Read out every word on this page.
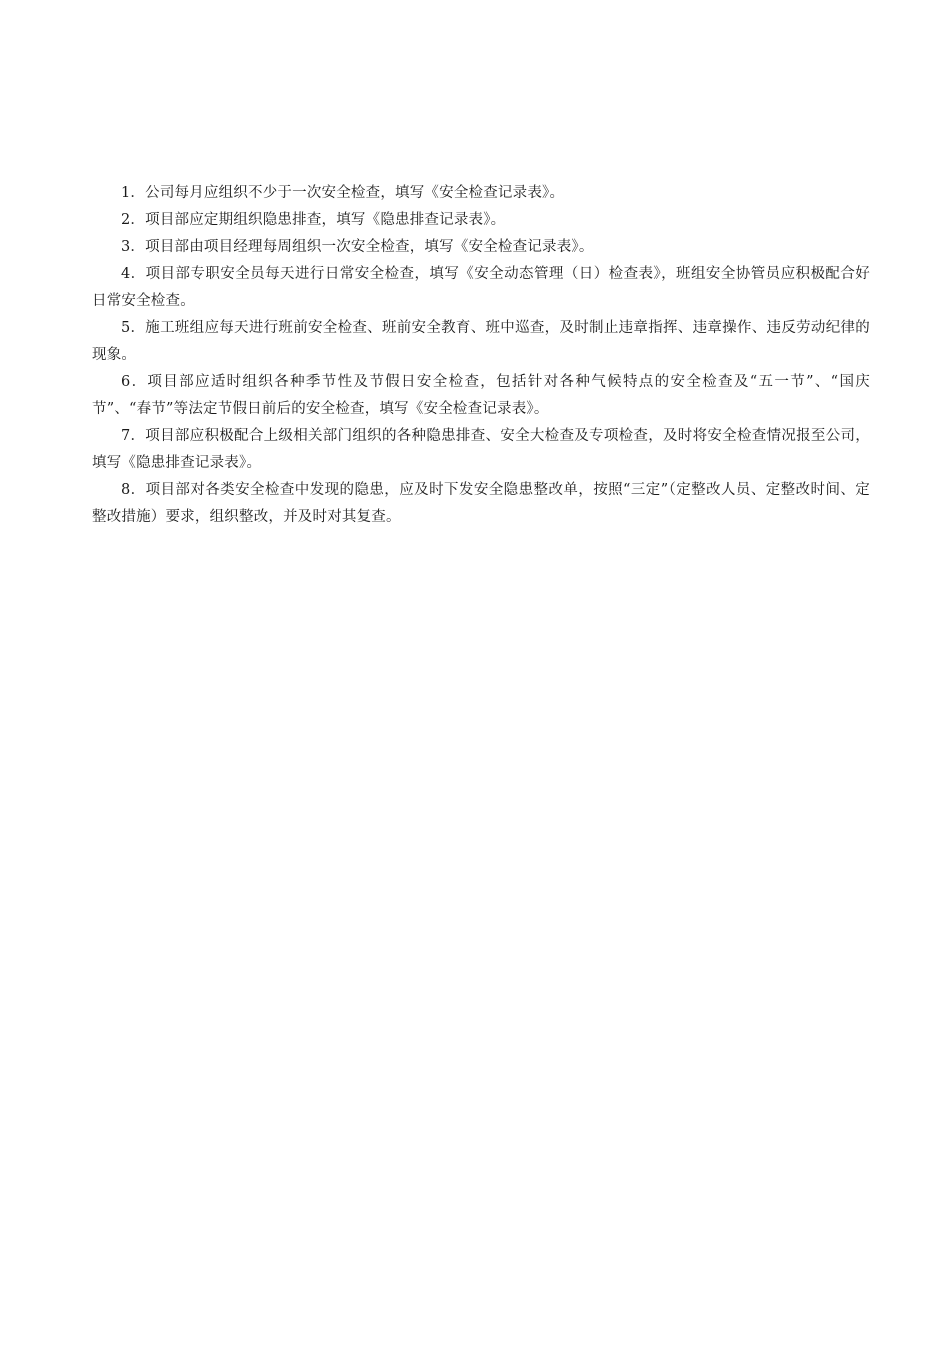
1．公司每月应组织不少于一次安全检查，填写《安全检查记录表》。

2．项目部应定期组织隐患排查，填写《隐患排查记录表》。

3．项目部由项目经理每周组织一次安全检查，填写《安全检查记录表》。

4．项目部专职安全员每天进行日常安全检查，填写《安全动态管理（日）检查表》，班组安全协管员应积极配合好日常安全检查。

5．施工班组应每天进行班前安全检查、班前安全教育、班中巡查，及时制止违章指挥、违章操作、违反劳动纪律的现象。

6．项目部应适时组织各种季节性及节假日安全检查，包括针对各种气候特点的安全检查及“五一节”、“国庆节”、“春节”等法定节假日前后的安全检查，填写《安全检查记录表》。

7．项目部应积极配合上级相关部门组织的各种隐患排查、安全大检查及专项检查，及时将安全检查情况报至公司，填写《隐患排查记录表》。

8．项目部对各类安全检查中发现的隐患，应及时下发安全隐患整改单，按照“三定”（定整改人员、定整改时间、定整改措施）要求，组织整改，并及时对其复查。
